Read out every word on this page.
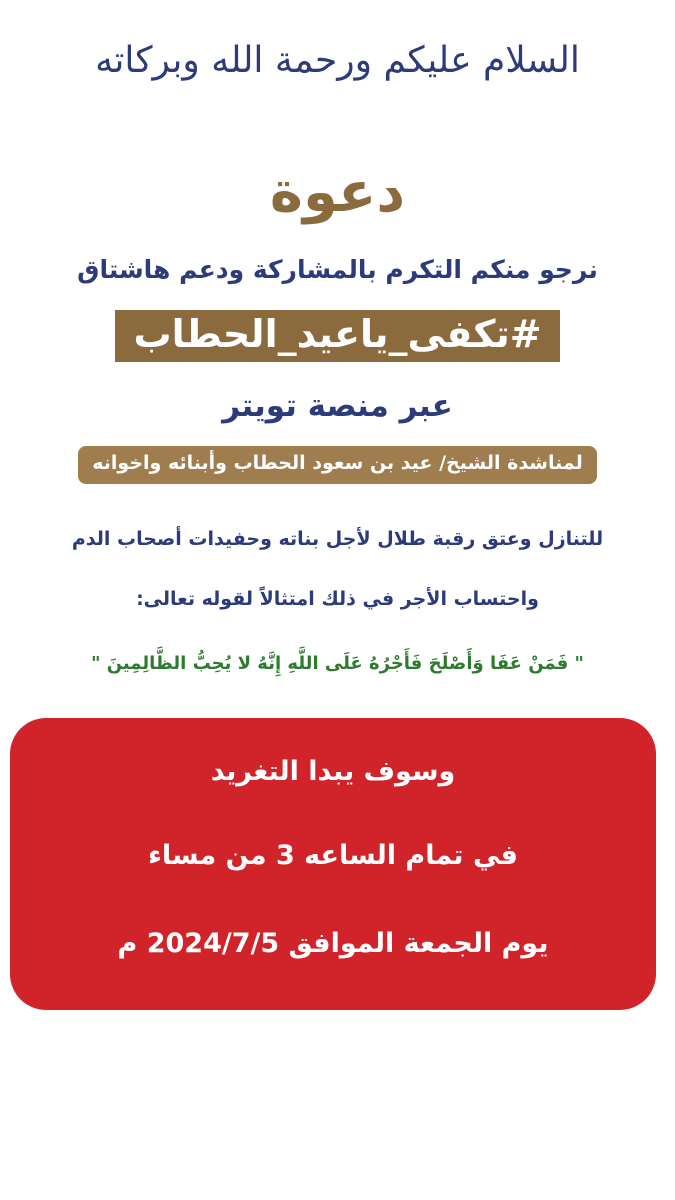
السلام عليكم ورحمة الله وبركاته
دعوة
نرجو منكم التكرم بالمشاركة ودعم هاشتاق
#تكفى_ياعيد_الحطاب
عبر منصة تويتر
لمناشدة الشيخ/ عيد بن سعود الحطاب وأبنائه واخوانه
للتنازل وعتق رقبة طلال لأجل بناته وحفيدات أصحاب الدم
واحتساب الأجر في ذلك امتثالاً لقوله تعالى:
" فَمَنْ عَفَا وَأَصْلَحَ فَأَجْرُهُ عَلَى اللَّهِ إِنَّهُ لا يُحِبُّ الظَّالِمِينَ "
وسوف يبدا التغريد
في تمام الساعه 3 من مساء
يوم الجمعة الموافق 2024/7/5 م
